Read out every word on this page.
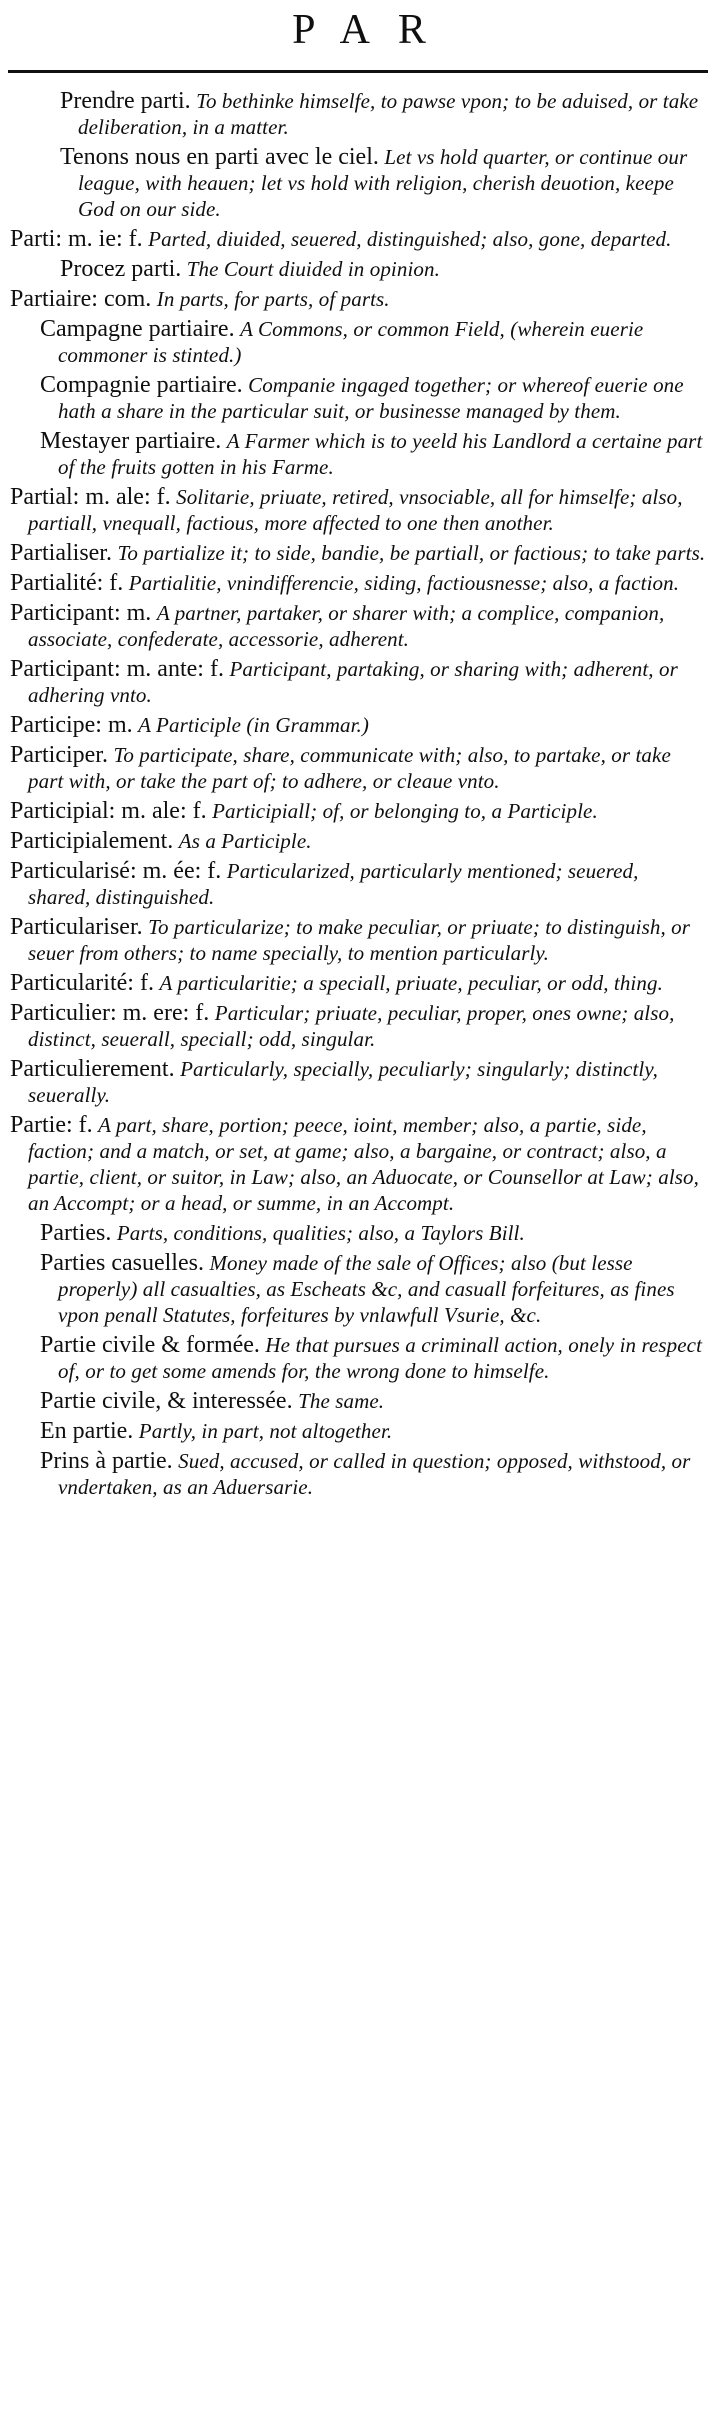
PAR

Prendre parti. To bethinke himselfe, to pawse vpon; to be aduised, or take deliberation, in a matter.

Tenons nous en parti avec le ciel. Let vs hold quarter, or continue our league, with heauen; let vs hold with religion, cherish deuotion, keepe God on our side.

Parti: m. ie: f. Parted, diuided, seuered, distinguished; also, gone, departed.

Procez parti. The Court diuided in opinion.

Partiaire: com. In parts, for parts, of parts.

Campagne partiaire. A Commons, or common Field, (wherein euerie commoner is stinted.)

Compagnie partiaire. Companie ingaged together; or whereof euerie one hath a share in the particular suit, or businesse managed by them.

Mestayer partiaire. A Farmer which is to yeeld his Landlord a certaine part of the fruits gotten in his Farme.

Partial: m. ale: f. Solitarie, priuate, retired, vnsociable, all for himselfe; also, partiall, vnequall, factious, more affected to one then another.

Partialiser. To partialize it; to side, bandie, be partiall, or factious; to take parts.

Partialité: f. Partialitie, vnindifferencie, siding, factiousnesse; also, a faction.

Participant: m. A partner, partaker, or sharer with; a complice, companion, associate, confederate, accessorie, adherent.

Participant: m. ante: f. Participant, partaking, or sharing with; adherent, or adhering vnto.

Participe: m. A Participle (in Grammar.)

Participer. To participate, share, communicate with; also, to partake, or take part with, or take the part of; to adhere, or cleaue vnto.

Participial: m. ale: f. Participiall; of, or belonging to, a Participle.

Participialement. As a Participle.

Particularisé: m. ée: f. Particularized, particularly mentioned; seuered, shared, distinguished.

Particulariser. To particularize; to make peculiar, or priuate; to distinguish, or seuer from others; to name specially, to mention particularly.

Particularité: f. A particularitie; a speciall, priuate, peculiar, or odd, thing.

Particulier: m. ere: f. Particular; priuate, peculiar, proper, ones owne; also, distinct, seuerall, speciall; odd, singular.

Particulierement. Particularly, specially, peculiarly; singularly; distinctly, seuerally.

Partie: f. A part, share, portion; peece, ioint, member; also, a partie, side, faction; and a match, or set, at game; also, a bargaine, or contract; also, a partie, client, or suitor, in Law; also, an Aduocate, or Counsellor at Law; also, an Accompt; or a head, or summe, in an Accompt.

Parties. Parts, conditions, qualities; also, a Taylors Bill.

Parties casuelles. Money made of the sale of Offices; also (but lesse properly) all casualties, as Escheats &c, and casuall forfeitures, as fines vpon penall Statutes, forfeitures by vnlawfull Vsurie, &c.

Partie civile & formée. He that pursues a criminall action, onely in respect of, or to get some amends for, the wrong done to himselfe.

Partie civile, & interessée. The same.

En partie. Partly, in part, not altogether.

Prins à partie. Sued, accused, or called in question; opposed, withstood, or vndertaken, as an Aduersarie.
